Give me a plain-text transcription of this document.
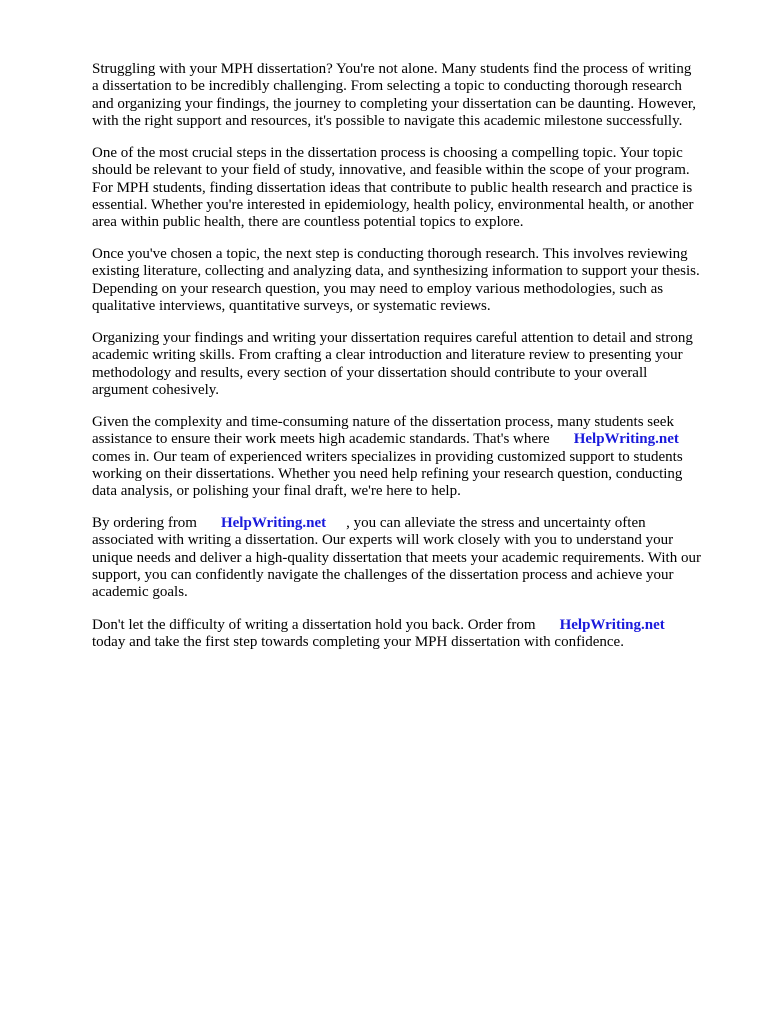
Struggling with your MPH dissertation? You're not alone. Many students find the process of writing
a dissertation to be incredibly challenging. From selecting a topic to conducting thorough research
and organizing your findings, the journey to completing your dissertation can be daunting. However,
with the right support and resources, it's possible to navigate this academic milestone successfully.

One of the most crucial steps in the dissertation process is choosing a compelling topic. Your topic
should be relevant to your field of study, innovative, and feasible within the scope of your program.
For MPH students, finding dissertation ideas that contribute to public health research and practice is
essential. Whether you're interested in epidemiology, health policy, environmental health, or another
area within public health, there are countless potential topics to explore.

Once you've chosen a topic, the next step is conducting thorough research. This involves reviewing
existing literature, collecting and analyzing data, and synthesizing information to support your thesis.
Depending on your research question, you may need to employ various methodologies, such as
qualitative interviews, quantitative surveys, or systematic reviews.

Organizing your findings and writing your dissertation requires careful attention to detail and strong
academic writing skills. From crafting a clear introduction and literature review to presenting your
methodology and results, every section of your dissertation should contribute to your overall
argument cohesively.

Given the complexity and time-consuming nature of the dissertation process, many students seek
assistance to ensure their work meets high academic standards. That's where HelpWriting.net
comes in. Our team of experienced writers specializes in providing customized support to students
working on their dissertations. Whether you need help refining your research question, conducting
data analysis, or polishing your final draft, we're here to help.

By ordering from HelpWriting.net , you can alleviate the stress and uncertainty often
associated with writing a dissertation. Our experts will work closely with you to understand your
unique needs and deliver a high-quality dissertation that meets your academic requirements. With our
support, you can confidently navigate the challenges of the dissertation process and achieve your
academic goals.

Don't let the difficulty of writing a dissertation hold you back. Order from HelpWriting.net
today and take the first step towards completing your MPH dissertation with confidence.
